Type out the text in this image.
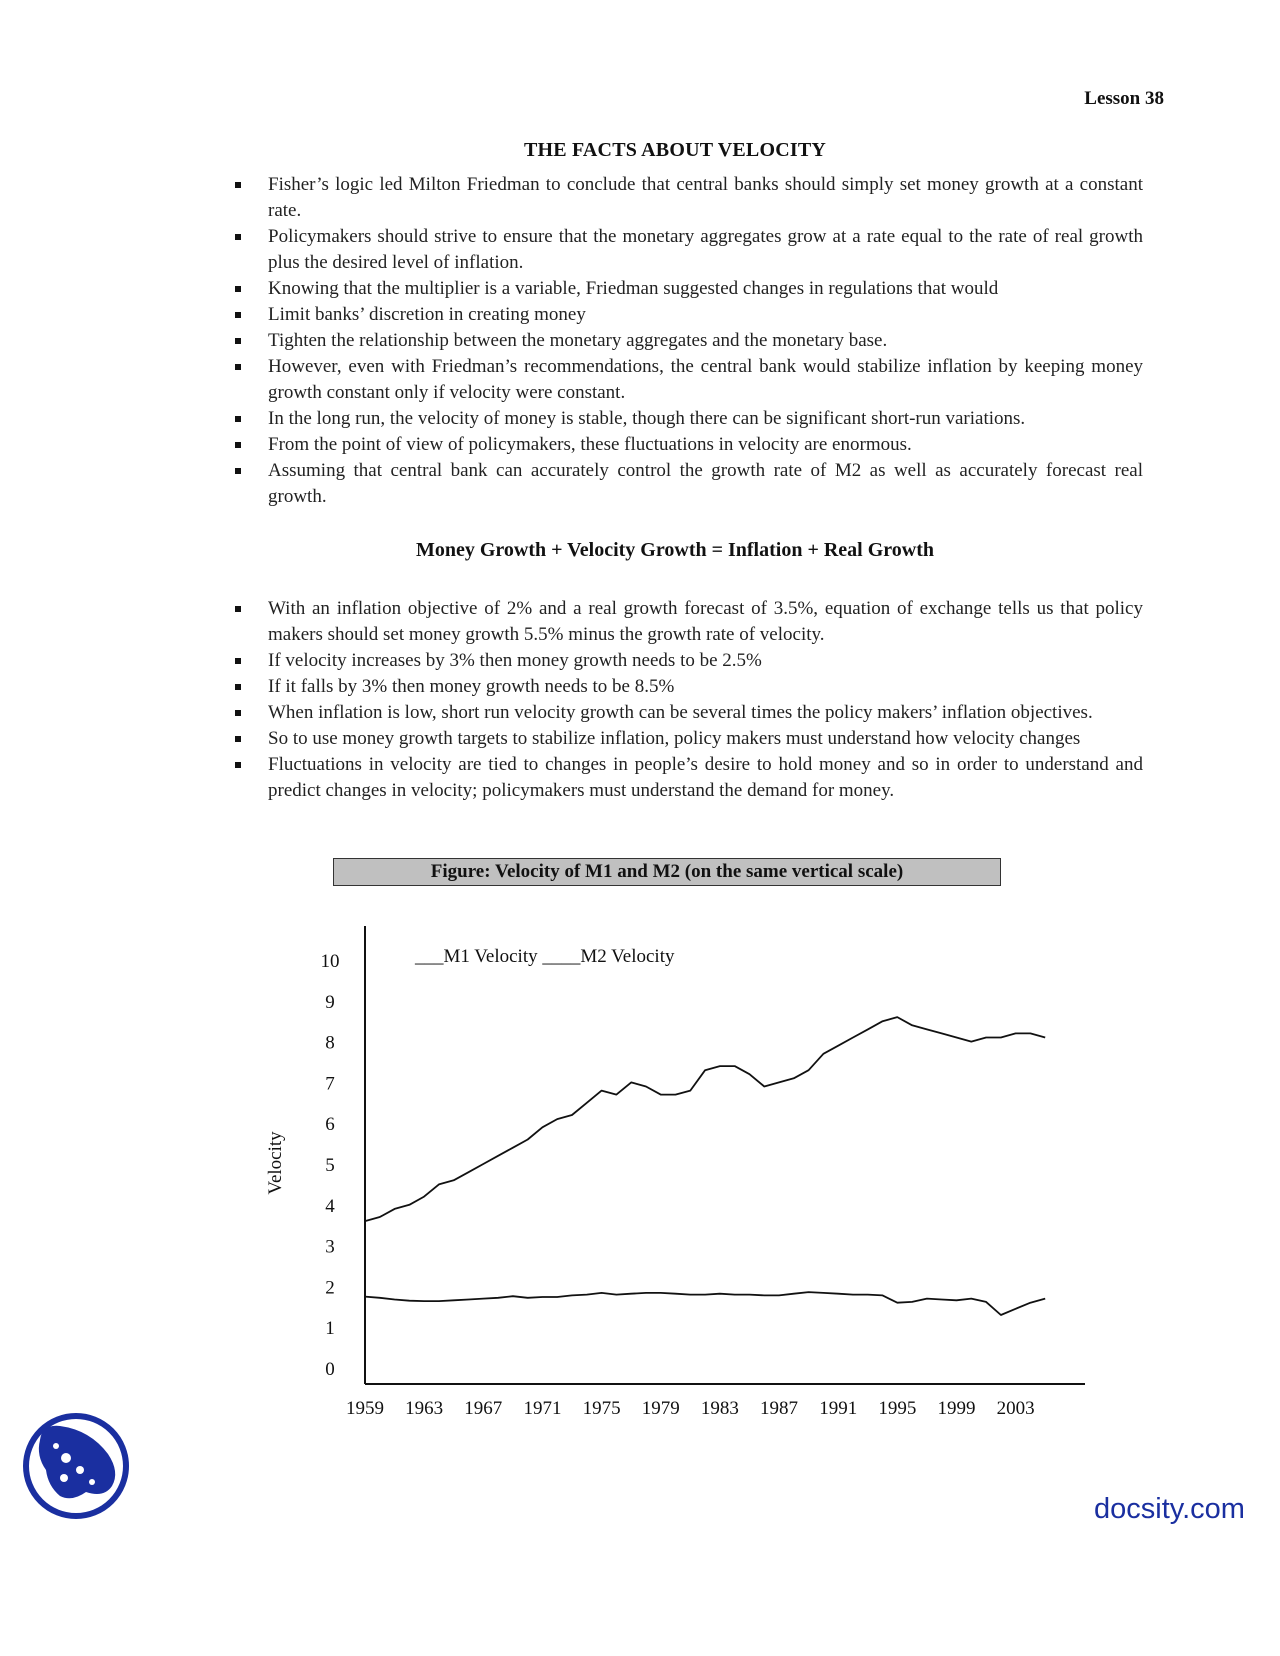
Lesson 38
THE FACTS ABOUT VELOCITY
Fisher’s logic led Milton Friedman to conclude that central banks should simply set money growth at a constant rate.
Policymakers should strive to ensure that the monetary aggregates grow at a rate equal to the rate of real growth plus the desired level of inflation.
Knowing that the multiplier is a variable, Friedman suggested changes in regulations that would
Limit banks’ discretion in creating money
Tighten the relationship between the monetary aggregates and the monetary base.
However, even with Friedman’s recommendations, the central bank would stabilize inflation by keeping money growth constant only if velocity were constant.
In the long run, the velocity of money is stable, though there can be significant short-run variations.
From the point of view of policymakers, these fluctuations in velocity are enormous.
Assuming that central bank can accurately control the growth rate of M2 as well as accurately forecast real growth.
Money Growth + Velocity Growth = Inflation + Real Growth
With an inflation objective of 2% and a real growth forecast of 3.5%, equation of exchange tells us that policy makers should set money growth 5.5% minus the growth rate of velocity.
If velocity increases by 3% then money growth needs to be 2.5%
If it falls by 3% then money growth needs to be 8.5%
When inflation is low, short run velocity growth can be several times the policy makers’ inflation objectives.
So to use money growth targets to stabilize inflation, policy makers must understand how velocity changes
Fluctuations in velocity are tied to changes in people’s desire to hold money and so in order to understand and predict changes in velocity; policymakers must understand the demand for money.
Figure: Velocity of M1 and M2 (on the same vertical scale)
0
1
2
3
4
5
6
7
8
9
10
1959 1963 1967 1971 1975 1979 1983 1987 1991 1995 1999 2003
Velocity
___M1 Velocity ____M2 Velocity
docsity.com
